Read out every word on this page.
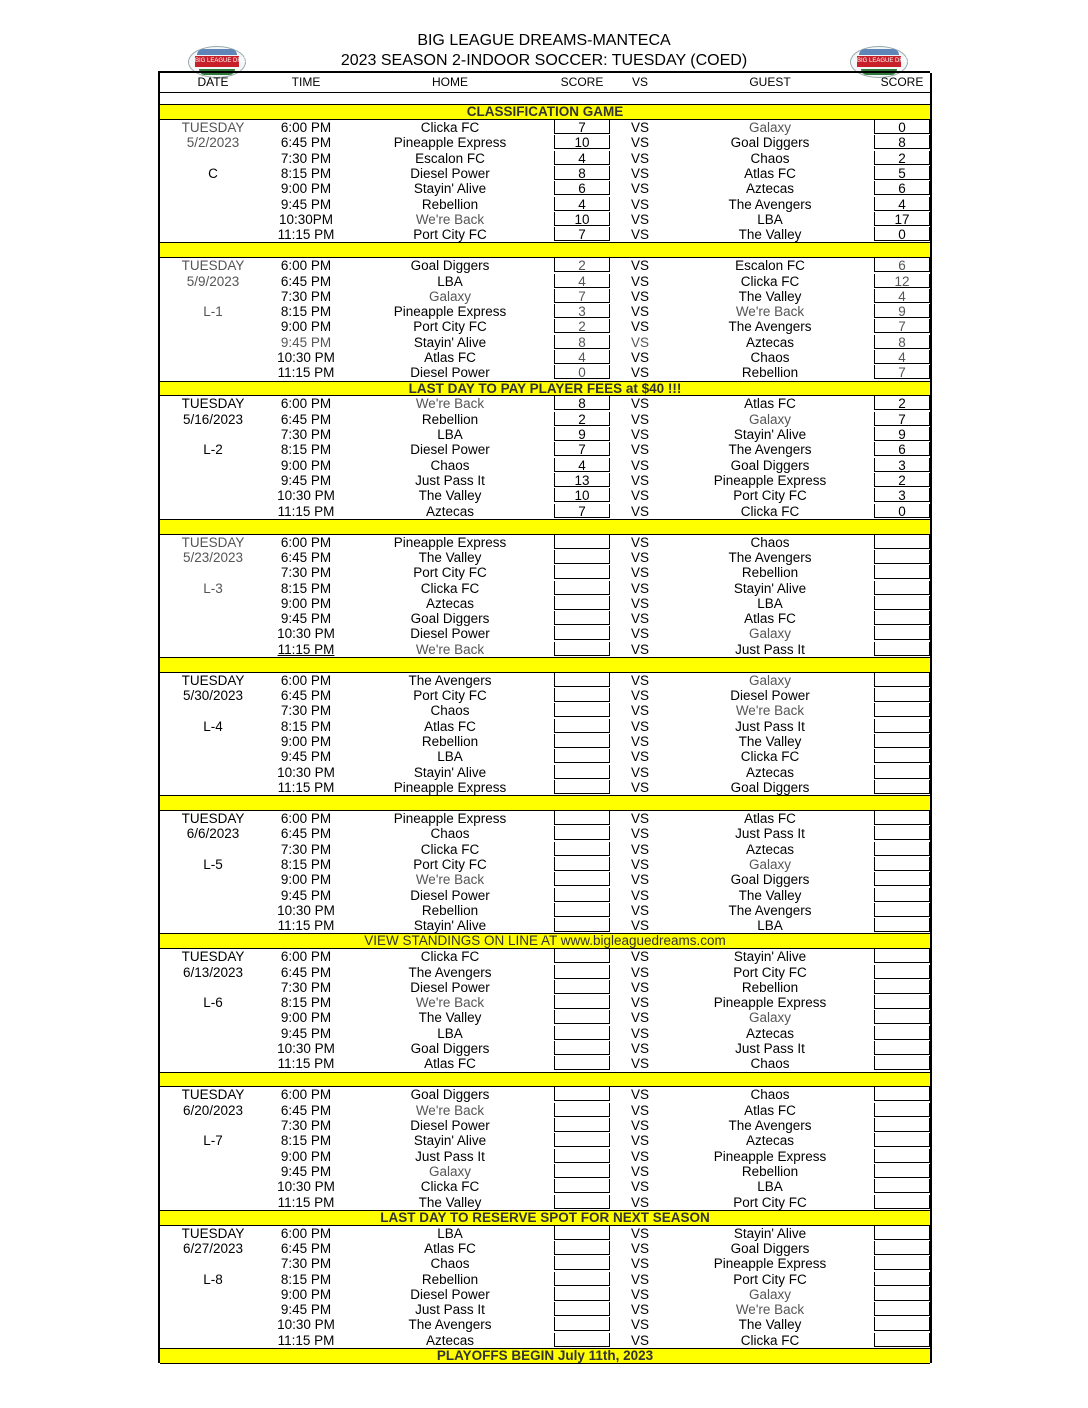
BIG LEAGUE DREAMS	BIG LEAGUE DREAMS
BIG LEAGUE DREAMS-MANTECA
2023 SEASON 2-INDOOR SOCCER: TUESDAY (COED)
DATE	TIME	HOME	SCORE	VS	GUEST	SCORE
CLASSIFICATION GAME
TUESDAY	6:00 PM	Clicka FC	7	VS	Galaxy	0
5/2/2023	6:45 PM	Pineapple Express	10	VS	Goal Diggers	8
7:30 PM	Escalon FC	4	VS	Chaos	2
C	8:15 PM	Diesel Power	8	VS	Atlas FC	5
9:00 PM	Stayin' Alive	6	VS	Aztecas	6
9:45 PM	Rebellion	4	VS	The Avengers	4
10:30PM	We're Back	10	VS	LBA	17
11:15 PM	Port City FC	7	VS	The Valley	0
TUESDAY	6:00 PM	Goal Diggers	2	VS	Escalon FC	6
5/9/2023	6:45 PM	LBA	4	VS	Clicka FC	12
7:30 PM	Galaxy	7	VS	The Valley	4
L-1	8:15 PM	Pineapple Express	3	VS	We're Back	9
9:00 PM	Port City FC	2	VS	The Avengers	7
9:45 PM	Stayin' Alive	8	VS	Aztecas	8
10:30 PM	Atlas FC	4	VS	Chaos	4
11:15 PM	Diesel Power	0	VS	Rebellion	7
LAST DAY TO PAY PLAYER FEES at $40 !!!
TUESDAY	6:00 PM	We're Back	8	VS	Atlas FC	2
5/16/2023	6:45 PM	Rebellion	2	VS	Galaxy	7
7:30 PM	LBA	9	VS	Stayin' Alive	9
L-2	8:15 PM	Diesel Power	7	VS	The Avengers	6
9:00 PM	Chaos	4	VS	Goal Diggers	3
9:45 PM	Just Pass It	13	VS	Pineapple Express	2
10:30 PM	The Valley	10	VS	Port City FC	3
11:15 PM	Aztecas	7	VS	Clicka FC	0
TUESDAY	6:00 PM	Pineapple Express	VS	Chaos
5/23/2023	6:45 PM	The Valley	VS	The Avengers
7:30 PM	Port City FC	VS	Rebellion
L-3	8:15 PM	Clicka FC	VS	Stayin' Alive
9:00 PM	Aztecas	VS	LBA
9:45 PM	Goal Diggers	VS	Atlas FC
10:30 PM	Diesel Power	VS	Galaxy
11:15 PM	We're Back	VS	Just Pass It
TUESDAY	6:00 PM	The Avengers	VS	Galaxy
5/30/2023	6:45 PM	Port City FC	VS	Diesel Power
7:30 PM	Chaos	VS	We're Back
L-4	8:15 PM	Atlas FC	VS	Just Pass It
9:00 PM	Rebellion	VS	The Valley
9:45 PM	LBA	VS	Clicka FC
10:30 PM	Stayin' Alive	VS	Aztecas
11:15 PM	Pineapple Express	VS	Goal Diggers
TUESDAY	6:00 PM	Pineapple Express	VS	Atlas FC
6/6/2023	6:45 PM	Chaos	VS	Just Pass It
7:30 PM	Clicka FC	VS	Aztecas
L-5	8:15 PM	Port City FC	VS	Galaxy
9:00 PM	We're Back	VS	Goal Diggers
9:45 PM	Diesel Power	VS	The Valley
10:30 PM	Rebellion	VS	The Avengers
11:15 PM	Stayin' Alive	VS	LBA
VIEW STANDINGS ON LINE AT www.bigleaguedreams.com
TUESDAY	6:00 PM	Clicka FC	VS	Stayin' Alive
6/13/2023	6:45 PM	The Avengers	VS	Port City FC
7:30 PM	Diesel Power	VS	Rebellion
L-6	8:15 PM	We're Back	VS	Pineapple Express
9:00 PM	The Valley	VS	Galaxy
9:45 PM	LBA	VS	Aztecas
10:30 PM	Goal Diggers	VS	Just Pass It
11:15 PM	Atlas FC	VS	Chaos
TUESDAY	6:00 PM	Goal Diggers	VS	Chaos
6/20/2023	6:45 PM	We're Back	VS	Atlas FC
7:30 PM	Diesel Power	VS	The Avengers
L-7	8:15 PM	Stayin' Alive	VS	Aztecas
9:00 PM	Just Pass It	VS	Pineapple Express
9:45 PM	Galaxy	VS	Rebellion
10:30 PM	Clicka FC	VS	LBA
11:15 PM	The Valley	VS	Port City FC
LAST DAY TO RESERVE SPOT FOR NEXT SEASON
TUESDAY	6:00 PM	LBA	VS	Stayin' Alive
6/27/2023	6:45 PM	Atlas FC	VS	Goal Diggers
7:30 PM	Chaos	VS	Pineapple Express
L-8	8:15 PM	Rebellion	VS	Port City FC
9:00 PM	Diesel Power	VS	Galaxy
9:45 PM	Just Pass It	VS	We're Back
10:30 PM	The Avengers	VS	The Valley
11:15 PM	Aztecas	VS	Clicka FC
PLAYOFFS BEGIN July 11th, 2023
